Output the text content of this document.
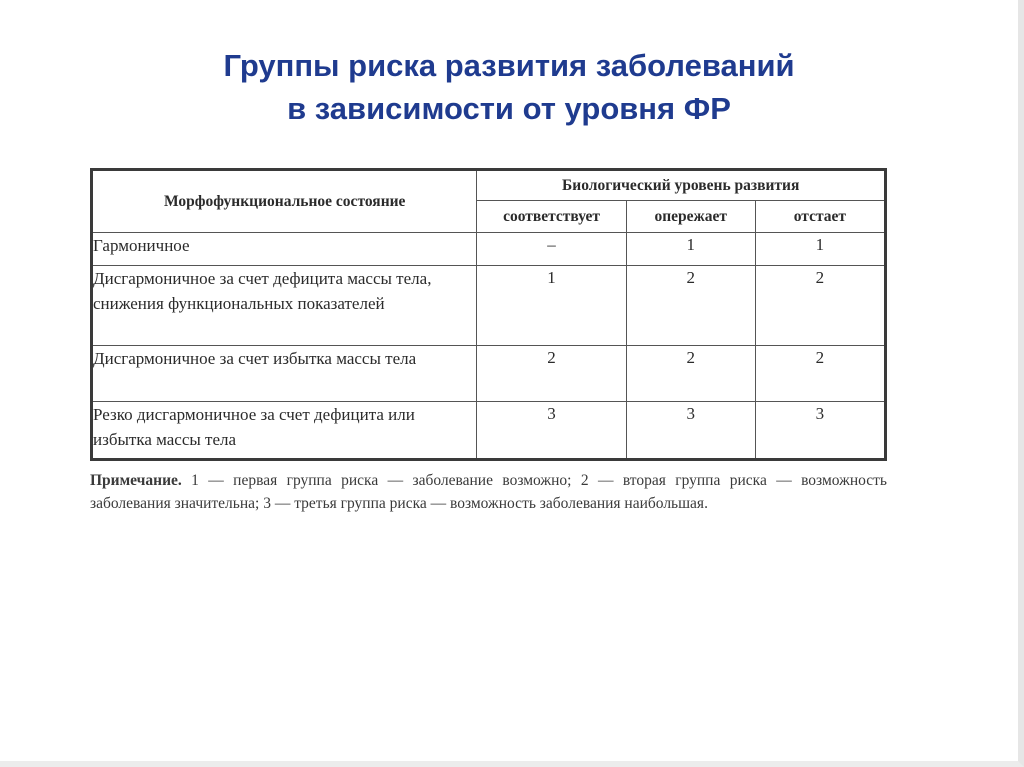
Группы риска развития заболеваний
в зависимости от уровня ФР
Морфофункциональное состояние	Биологический уровень развития		
	соответствует	опережает	отстает
Гармоничное	–	1	1
Дисгармоничное за счет дефицита массы тела, снижения функциональных показателей	1	2	2
Дисгармоничное за счет избытка массы тела	2	2	2
Резко дисгармоничное за счет дефицита или избытка массы тела	3	3	3
Примечание. 1 — первая группа риска — заболевание возможно; 2 — вторая группа риска — возможность заболевания значительна; 3 — третья группа риска — возможность заболевания наибольшая.
